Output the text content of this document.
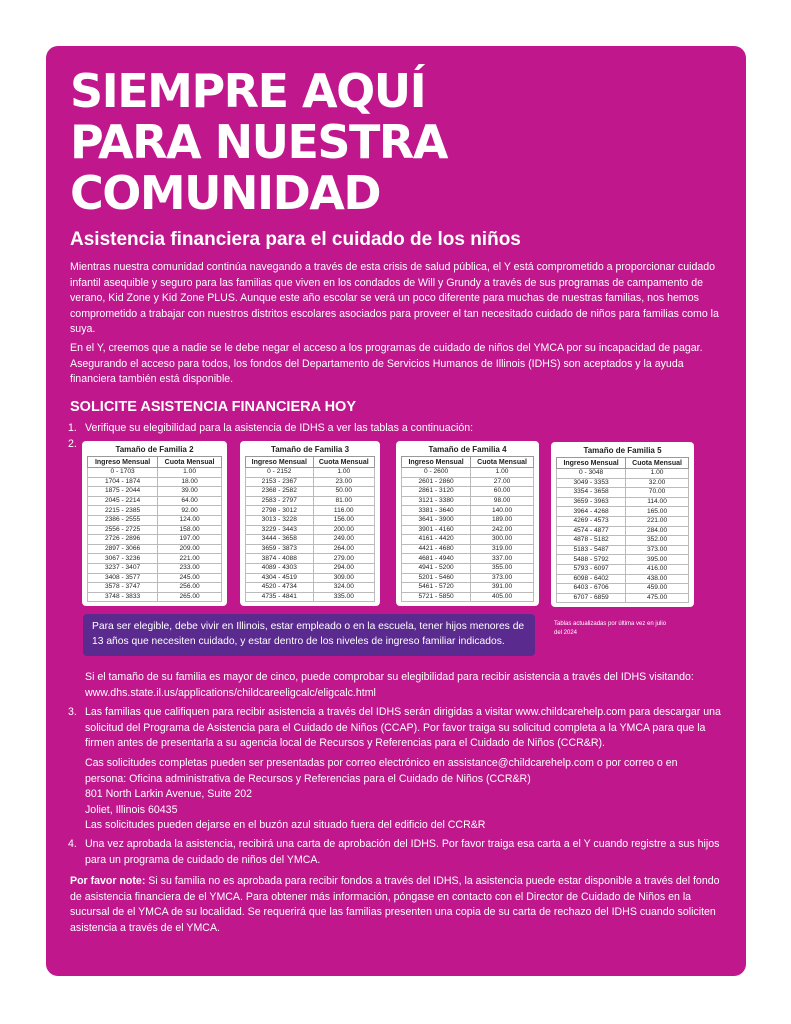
SIEMPRE AQUÍ
PARA NUESTRA
COMUNIDAD
Asistencia financiera para el cuidado de los niños

Mientras nuestra comunidad continúa navegando a través de esta crisis de salud pública, el Y está comprometido a proporcionar cuidado infantil asequible y seguro para las familias que viven en los condados de Will y Grundy a través de sus programas de campamento de verano, Kid Zone y Kid Zone PLUS. Aunque este año escolar se verá un poco diferente para muchas de nuestras familias, nos hemos comprometido a trabajar con nuestros distritos escolares asociados para proveer el tan necesitado cuidado de niños para familias como la suya.

En el Y, creemos que a nadie se le debe negar el acceso a los programas de cuidado de niños del YMCA por su incapacidad de pagar. Asegurando el acceso para todos, los fondos del Departamento de Servicios Humanos de Illinois (IDHS) son aceptados y la ayuda financiera también está disponible.

SOLICITE ASISTENCIA FINANCIERA HOY
1. Verifique su elegibilidad para la asistencia de IDHS a ver las tablas a continuación:
2.	Tamaño de Familia 2
Ingreso Mensual	Cuota Mensual
0 - 1703	1.00
1704 - 1874	18.00
1875 - 2044	39.00
2045 - 2214	64.00
2215 - 2385	92.00
2386 - 2555	124.00
2556 - 2725	158.00
2726 - 2896	197.00
2897 - 3066	209.00
3067 - 3236	221.00
3237 - 3407	233.00
3408 - 3577	245.00
3578 - 3747	256.00
3748 - 3833	265.00
Tamaño de Familia 3
Ingreso Mensual	Cuota Mensual
0 - 2152	1.00
2153 - 2367	23.00
2368 - 2582	50.00
2583 - 2797	81.00
2798 - 3012	116.00
3013 - 3228	156.00
3229 - 3443	200.00
3444 - 3658	249.00
3659 - 3873	264.00
3874 - 4088	279.00
4089 - 4303	294.00
4304 - 4519	309.00
4520 - 4734	324.00
4735 - 4841	335.00
Tamaño de Familia 4
Ingreso Mensual	Cuota Mensual
0 - 2600	1.00
2601 - 2860	27.00
2861 - 3120	60.00
3121 - 3380	98.00
3381 - 3640	140.00
3641 - 3900	189.00
3901 - 4160	242.00
4161 - 4420	300.00
4421 - 4680	319.00
4681 - 4940	337.00
4941 - 5200	355.00
5201 - 5460	373.00
5461 - 5720	391.00
5721 - 5850	405.00
Tamaño de Familia 5
Ingreso Mensual	Cuota Mensual
0 - 3048	1.00
3049 - 3353	32.00
3354 - 3658	70.00
3659 - 3963	114.00
3964 - 4268	165.00
4269 - 4573	221.00
4574 - 4877	284.00
4878 - 5182	352.00
5183 - 5487	373.00
5488 - 5792	395.00
5793 - 6097	416.00
6098 - 6402	438.00
6403 - 6706	459.00
6707 - 6859	475.00
Para ser elegible, debe vivir en Illinois, estar empleado o en la escuela, tener hijos menores de 13 años que necesiten cuidado, y estar dentro de los niveles de ingreso familiar indicados.
Tablas actualizadas por última vez en julio del 2024
Si el tamaño de su familia es mayor de cinco, puede comprobar su elegibilidad para recibir asistencia a través del IDHS visitando:
www.dhs.state.il.us/applications/childcareeligcalc/eligcalc.html
3. Las familias que califiquen para recibir asistencia a través del IDHS serán dirigidas a visitar www.childcarehelp.com para descargar una solicitud del Programa de Asistencia para el Cuidado de Niños (CCAP). Por favor traiga su solicitud completa a la YMCA para que la firmen antes de presentarla a su agencia local de Recursos y Referencias para el Cuidado de Niños (CCR&R).
Cas solicitudes completas pueden ser presentadas por correo electrónico en assistance@childcarehelp.com o por correo o en
persona: Oficina administrativa de Recursos y Referencias para el Cuidado de Niños (CCR&R)
801 North Larkin Avenue, Suite 202
Joliet, Illinois 60435
Las solicitudes pueden dejarse en el buzón azul situado fuera del edificio del CCR&R
4. Una vez aprobada la asistencia, recibirá una carta de aprobación del IDHS. Por favor traiga esa carta a el Y cuando registre a sus hijos para un programa de cuidado de niños del YMCA.

Por favor note: Si su familia no es aprobada para recibir fondos a través del IDHS, la asistencia puede estar disponible a través del fondo de asistencia financiera de el YMCA. Para obtener más información, póngase en contacto con el Director de Cuidado de Niños en la sucursal de el YMCA de su localidad. Se requerirá que las familias presenten una copia de su carta de rechazo del IDHS cuando soliciten asistencia a través de el YMCA.
